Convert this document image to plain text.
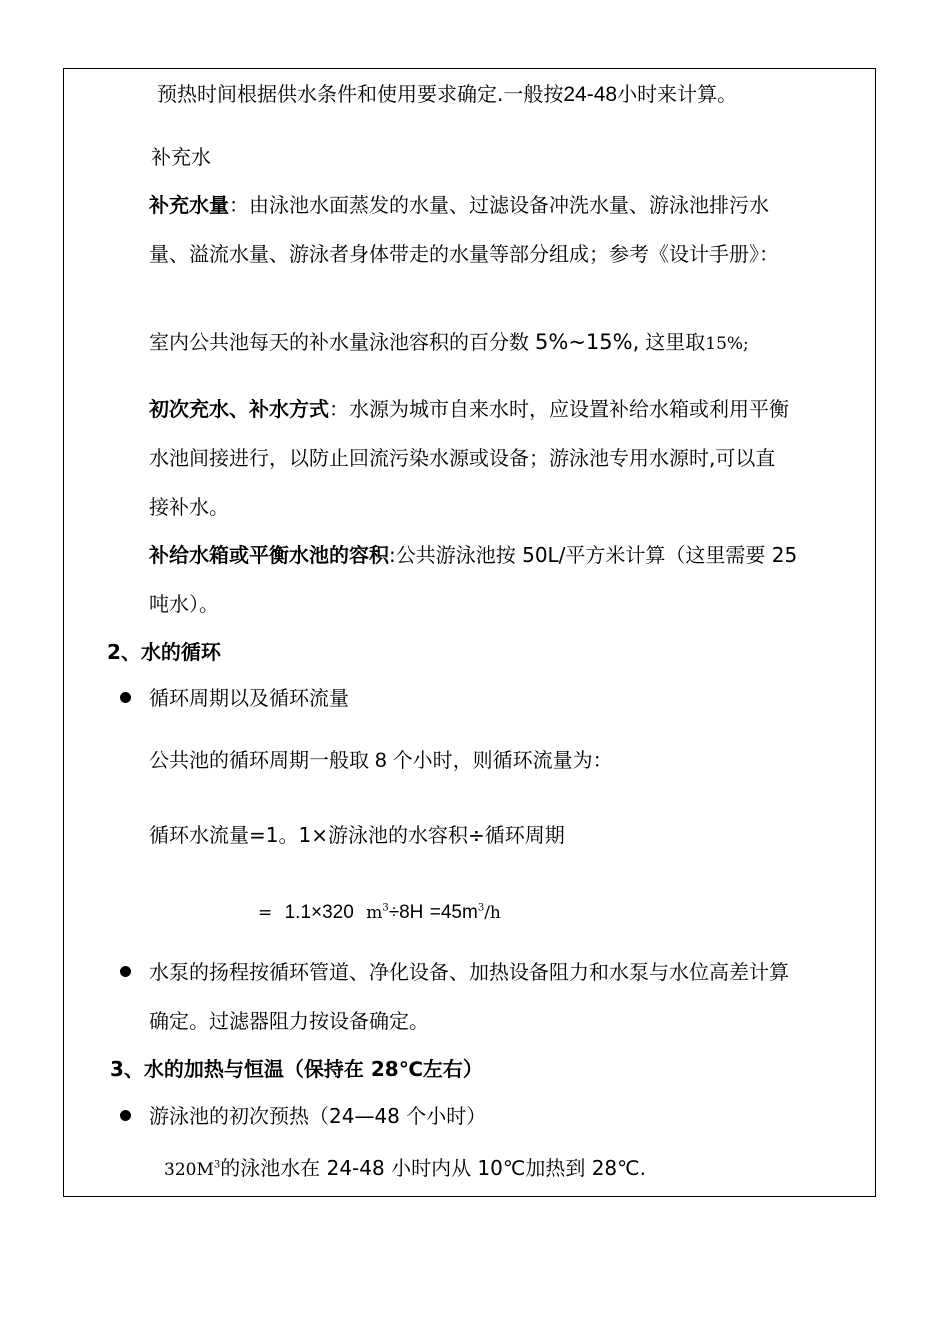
预热时间根据供水条件和使用要求确定.一般按24-48小时来计算。
补充水
补充水量：由泳池水面蒸发的水量、过滤设备冲洗水量、游泳池排污水
量、溢流水量、游泳者身体带走的水量等部分组成；参考《设计手册》：
室内公共池每天的补水量泳池容积的百分数 5%~15%, 这里取15%;
初次充水、补水方式：水源为城市自来水时，应设置补给水箱或利用平衡
水池间接进行，以防止回流污染水源或设备；游泳池专用水源时,可以直
接补水。
补给水箱或平衡水池的容积:公共游泳池按 50L/平方米计算（这里需要 25
吨水）。
2、水的循环
循环周期以及循环流量
公共池的循环周期一般取 8 个小时，则循环流量为：
循环水流量=1。1×游泳池的水容积÷循环周期
= 1.1×320 $m^3\div 8H =45m^3/h$
水泵的扬程按循环管道、净化设备、加热设备阻力和水泵与水位高差计算
确定。过滤器阻力按设备确定。
3、水的加热与恒温（保持在 28℃左右）
游泳池的初次预热（24—48 个小时）
$320M^3$的泳池水在 24-48 小时内从 10℃加热到 28℃.
